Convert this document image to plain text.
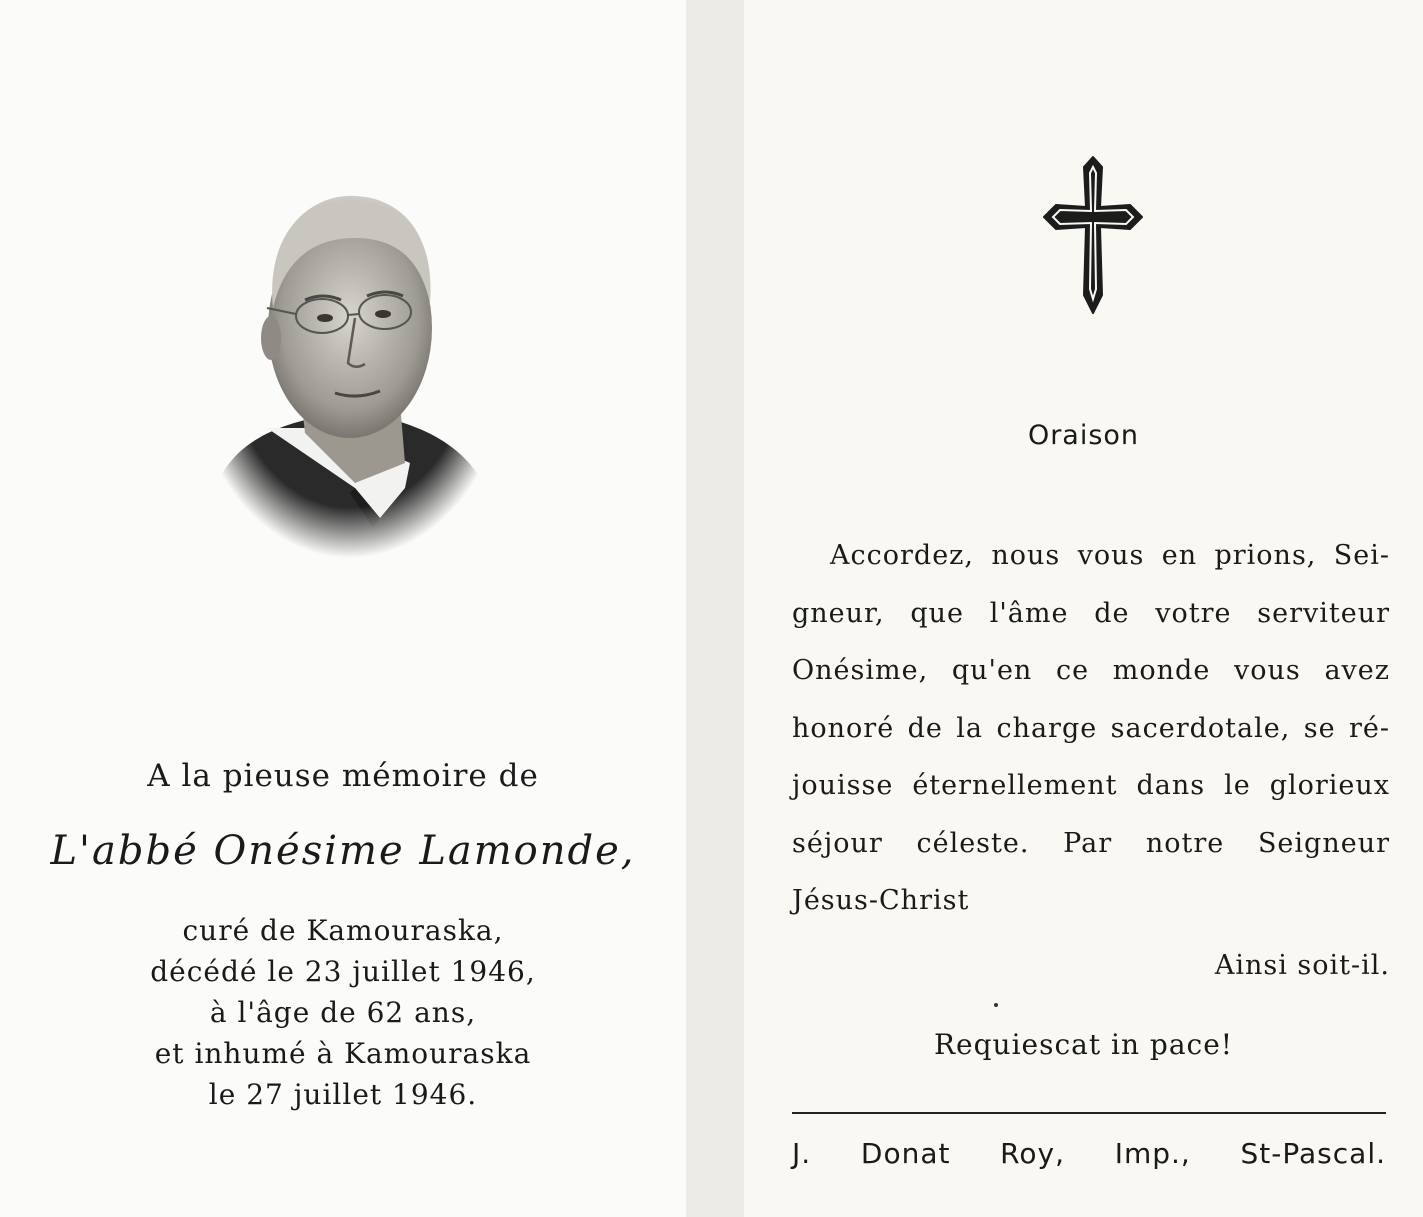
A la pieuse mémoire de
L'abbé Onésime Lamonde,
curé de Kamouraska,
décédé le 23 juillet 1946,
à l'âge de 62 ans,
et inhumé à Kamouraska
le 27 juillet 1946.
Oraison
Accordez, nous vous en prions, Sei-
gneur, que l'âme de votre serviteur
Onésime, qu'en ce monde vous avez
honoré de la charge sacerdotale, se ré-
jouisse éternellement dans le glorieux
séjour céleste. Par notre Seigneur
Jésus-Christ
Ainsi soit-il.
Requiescat in pace!
J. Donat Roy, Imp., St-Pascal.
